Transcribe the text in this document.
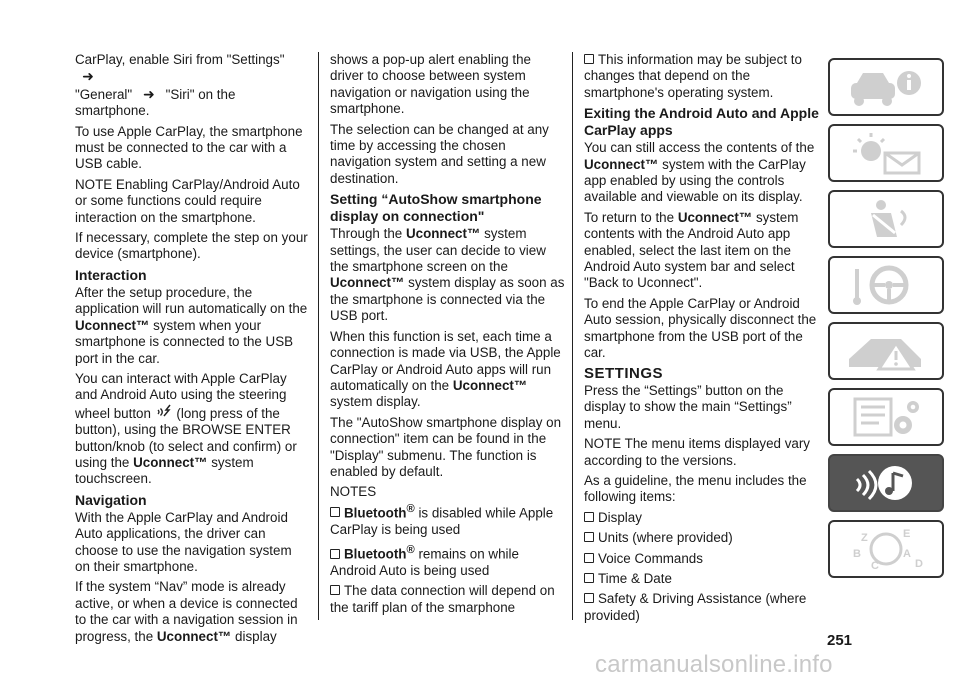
CarPlay, enable Siri from "Settings" ➜
"General" ➜ "Siri" on the smartphone.

To use Apple CarPlay, the smartphone must be connected to the car with a USB cable.

NOTE Enabling CarPlay/Android Auto or some functions could require interaction on the smartphone.

If necessary, complete the step on your device (smartphone).

Interaction

After the setup procedure, the application will run automatically on the Uconnect™ system when your smartphone is connected to the USB port in the car.

You can interact with Apple CarPlay and Android Auto using the steering wheel button (long press of the button), using the BROWSE ENTER button/knob (to select and confirm) or using the Uconnect™ system touchscreen.

Navigation

With the Apple CarPlay and Android Auto applications, the driver can choose to use the navigation system on their smartphone.

If the system “Nav” mode is already active, or when a device is connected to the car with a navigation session in progress, the Uconnect™ display

shows a pop-up alert enabling the driver to choose between system navigation or navigation using the smartphone.

The selection can be changed at any time by accessing the chosen navigation system and setting a new destination.

Setting “AutoShow smartphone display on connection"

Through the Uconnect™ system settings, the user can decide to view the smartphone screen on the Uconnect™ system display as soon as the smartphone is connected via the USB port.

When this function is set, each time a connection is made via USB, the Apple CarPlay or Android Auto apps will run automatically on the Uconnect™ system display.

The "AutoShow smartphone display on connection" item can be found in the "Display" submenu. The function is enabled by default.

NOTES

Bluetooth® is disabled while Apple CarPlay is being used

Bluetooth® remains on while Android Auto is being used

The data connection will depend on the tariff plan of the smarphone

This information may be subject to changes that depend on the smartphone's operating system.

Exiting the Android Auto and Apple CarPlay apps

You can still access the contents of the Uconnect™ system with the CarPlay app enabled by using the controls available and viewable on its display.

To return to the Uconnect™ system contents with the Android Auto app enabled, select the last item on the Android Auto system bar and select "Back to Uconnect".

To end the Apple CarPlay or Android Auto session, physically disconnect the smartphone from the USB port of the car.

SETTINGS

Press the “Settings” button on the display to show the main “Settings” menu.

NOTE The menu items displayed vary according to the versions.

As a guideline, the menu includes the following items:

Display

Units (where provided)

Voice Commands

Time & Date

Safety & Driving Assistance (where provided)

Z	E
B	A
C	D
251
carmanualsonline.info
